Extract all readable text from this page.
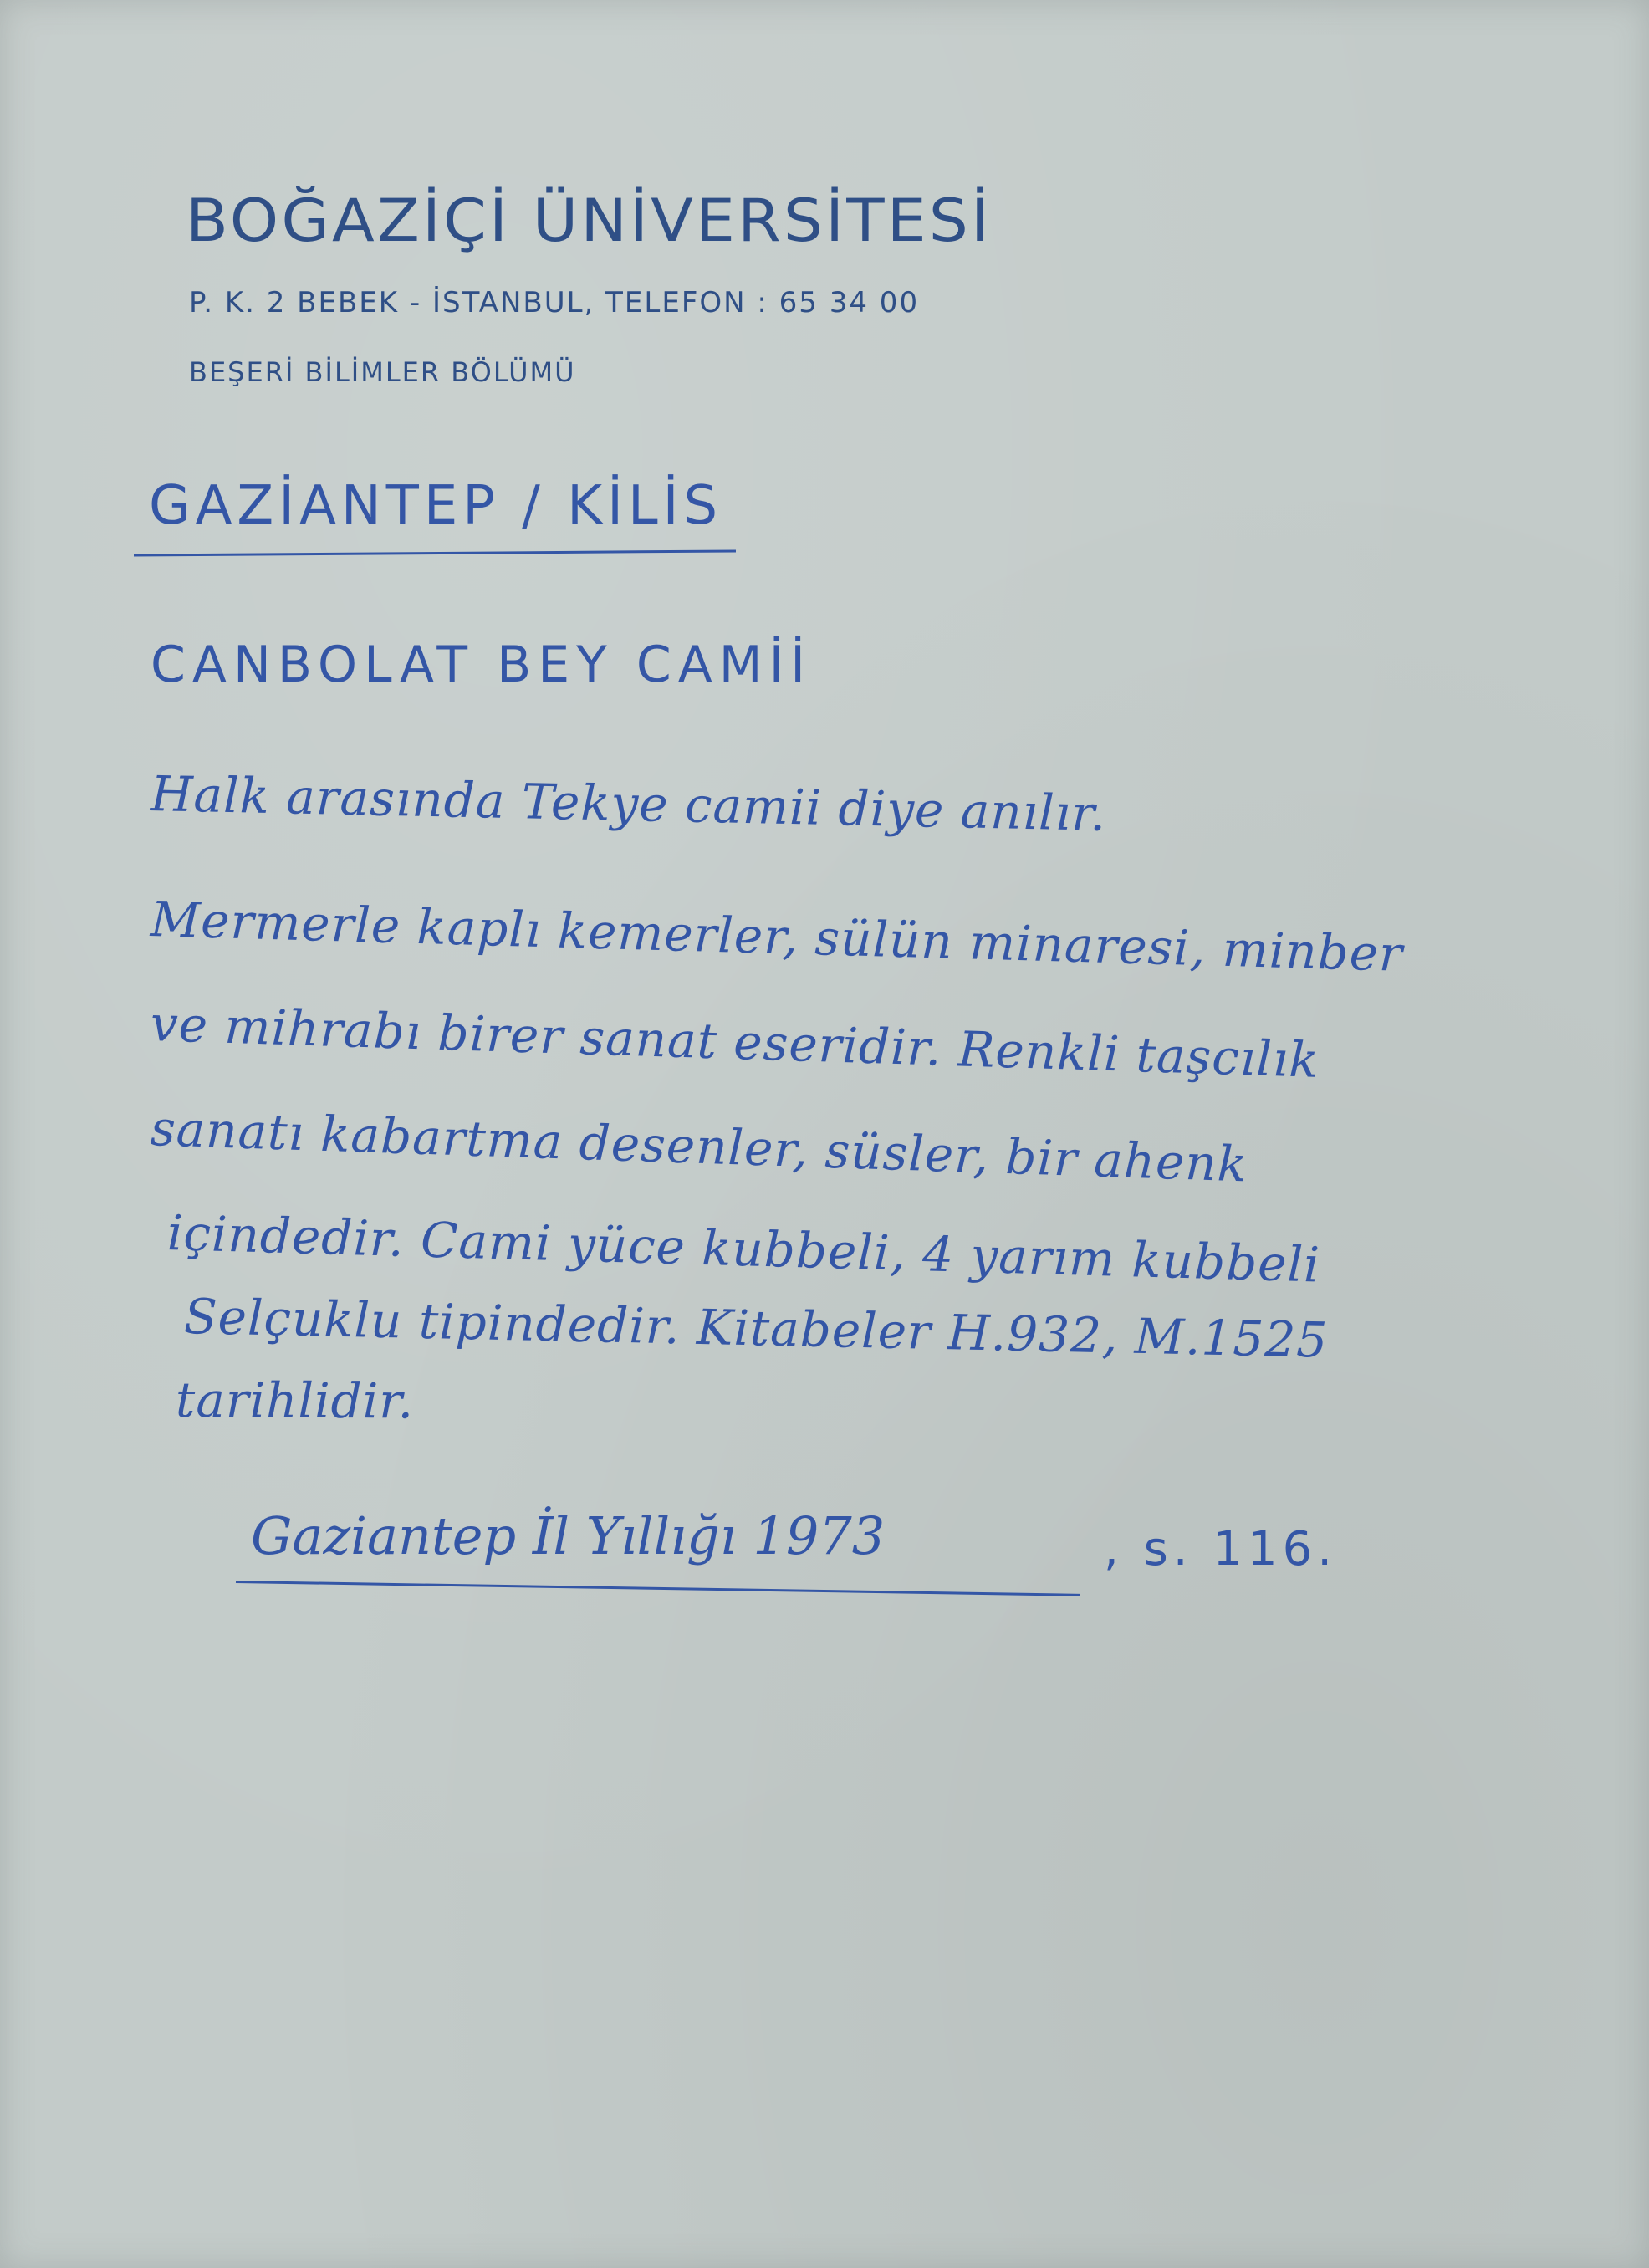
BOĞAZİÇİ ÜNİVERSİTESİ
P. K. 2 BEBEK - İSTANBUL, TELEFON : 65 34 00
BEŞERİ BİLİMLER BÖLÜMÜ
GAZİANTEP / KİLİS
CANBOLAT BEY CAMİİ
Halk arasında Tekye camii diye anılır.
Mermerle kaplı kemerler, sülün minaresi, minber
ve mihrabı birer sanat eseridir. Renkli taşcılık
sanatı kabartma desenler, süsler, bir ahenk
içindedir. Cami yüce kubbeli, 4 yarım kubbeli
Selçuklu tipindedir. Kitabeler H.932, M.1525
tarihlidir.
Gaziantep İl Yıllığı 1973	, s. 116.
